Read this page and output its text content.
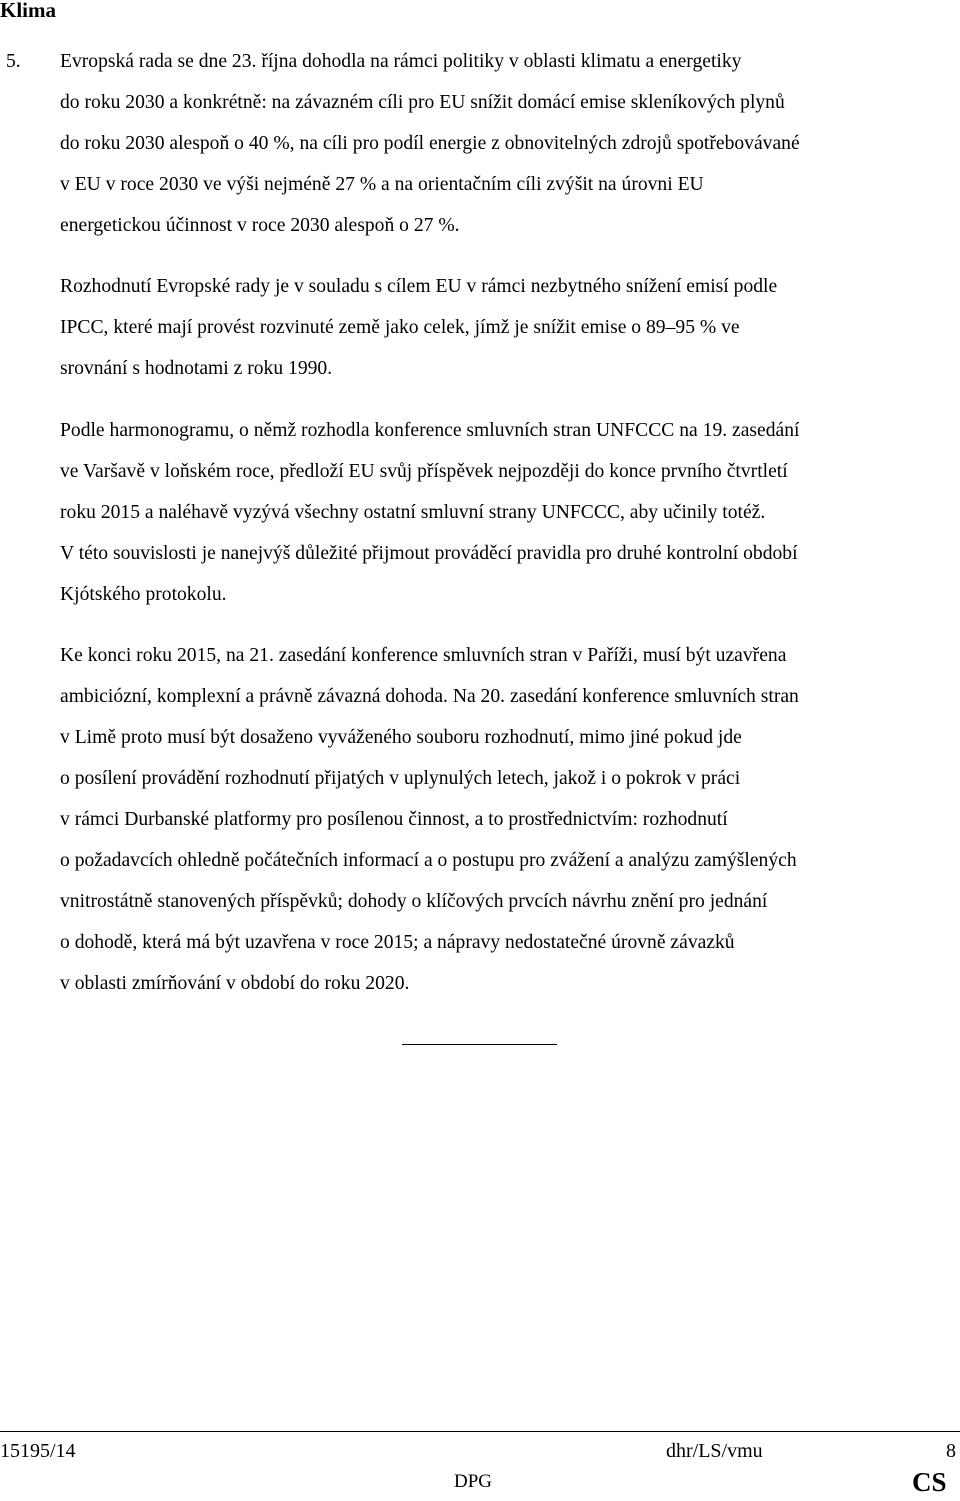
Klima
5. Evropská rada se dne 23. října dohodla na rámci politiky v oblasti klimatu a energetiky
do roku 2030 a konkrétně: na závazném cíli pro EU snížit domácí emise skleníkových plynů
do roku 2030 alespoň o 40 %, na cíli pro podíl energie z obnovitelných zdrojů spotřebovávané
v EU v roce 2030 ve výši nejméně 27 % a na orientačním cíli zvýšit na úrovni EU
energetickou účinnost v roce 2030 alespoň o 27 %.
Rozhodnutí Evropské rady je v souladu s cílem EU v rámci nezbytného snížení emisí podle
IPCC, které mají provést rozvinuté země jako celek, jímž je snížit emise o 89–95 % ve
srovnání s hodnotami z roku 1990.
Podle harmonogramu, o němž rozhodla konference smluvních stran UNFCCC na 19. zasedání
ve Varšavě v loňském roce, předloží EU svůj příspěvek nejpozději do konce prvního čtvrtletí
roku 2015 a naléhavě vyzývá všechny ostatní smluvní strany UNFCCC, aby učinily totéž.
V této souvislosti je nanejvýš důležité přijmout prováděcí pravidla pro druhé kontrolní období
Kjótského protokolu.
Ke konci roku 2015, na 21. zasedání konference smluvních stran v Paříži, musí být uzavřena
ambiciózní, komplexní a právně závazná dohoda. Na 20. zasedání konference smluvních stran
v Limě proto musí být dosaženo vyváženého souboru rozhodnutí, mimo jiné pokud jde
o posílení provádění rozhodnutí přijatých v uplynulých letech, jakož i o pokrok v práci
v rámci Durbanské platformy pro posílenou činnost, a to prostřednictvím: rozhodnutí
o požadavcích ohledně počátečních informací a o postupu pro zvážení a analýzu zamýšlených
vnitrostátně stanovených příspěvků; dohody o klíčových prvcích návrhu znění pro jednání
o dohodě, která má být uzavřena v roce 2015; a nápravy nedostatečné úrovně závazků
v oblasti zmírňování v období do roku 2020.
15195/14	dhr/LS/vmu	8
DPG	CS
